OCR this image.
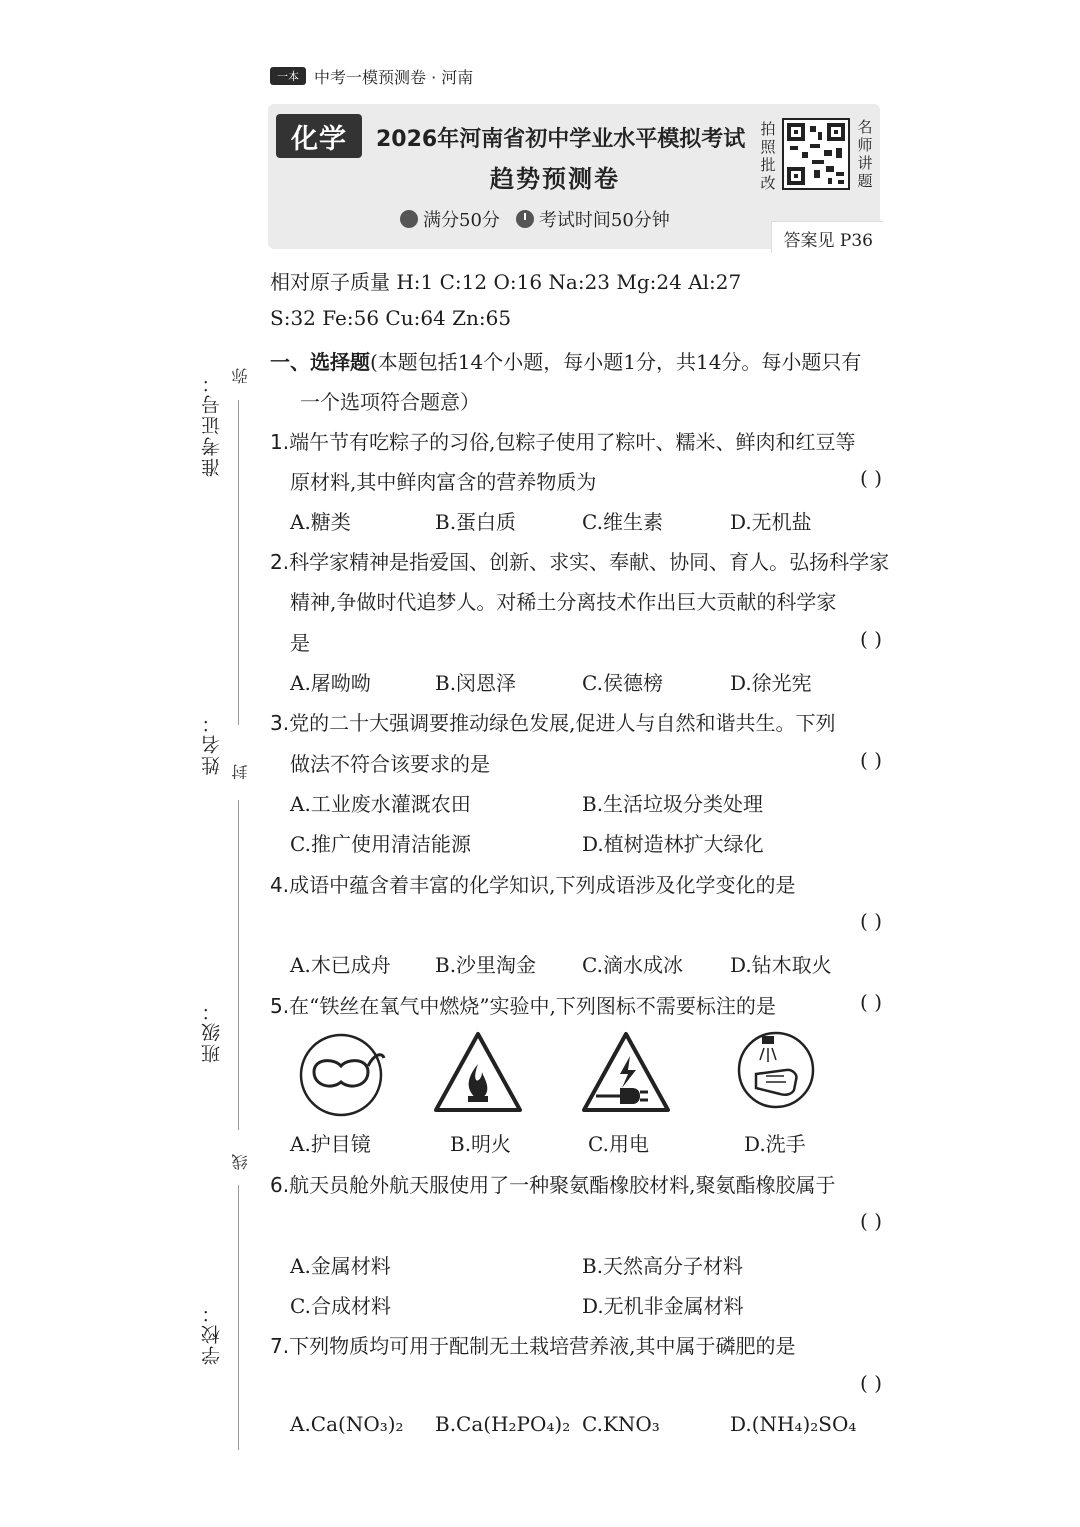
一本 中考一模预测卷 · 河南
化学	2026年河南省初中学业水平模拟考试
趋势预测卷
拍
照
批
改
名
师
讲
题
满分50分 考试时间50分钟
答案见 P36
准考证号：
姓名：
班级：
学校：
弥
封
线
相对原子质量 H:1 C:12 O:16 Na:23 Mg:24 Al:27
S:32 Fe:56 Cu:64 Zn:65
一、选择题(本题包括14个小题，每小题1分，共14分。每小题只有
一个选项符合题意）
1.端午节有吃粽子的习俗,包粽子使用了粽叶、糯米、鲜肉和红豆等
原材料,其中鲜肉富含的营养物质为	( )
A.糖类	B.蛋白质	C.维生素	D.无机盐
2.科学家精神是指爱国、创新、求实、奉献、协同、育人。弘扬科学家
精神,争做时代追梦人。对稀土分离技术作出巨大贡献的科学家
是	( )
A.屠呦呦	B.闵恩泽	C.侯德榜	D.徐光宪
3.党的二十大强调要推动绿色发展,促进人与自然和谐共生。下列
做法不符合该要求的是	( )
A.工业废水灌溉农田	B.生活垃圾分类处理
C.推广使用清洁能源	D.植树造林扩大绿化
4.成语中蕴含着丰富的化学知识,下列成语涉及化学变化的是
( )
A.木已成舟 B.沙里淘金 C.滴水成冰 D.钻木取火
5.在“铁丝在氧气中燃烧”实验中,下列图标不需要标注的是	( )
A.护目镜	B.明火	C.用电	D.洗手
6.航天员舱外航天服使用了一种聚氨酯橡胶材料,聚氨酯橡胶属于
( )
A.金属材料	B.天然高分子材料
C.合成材料	D.无机非金属材料
7.下列物质均可用于配制无土栽培营养液,其中属于磷肥的是
( )
A.Ca(NO₃)₂ B.Ca(H₂PO₄)₂ C.KNO₃	D.(NH₄)₂SO₄
